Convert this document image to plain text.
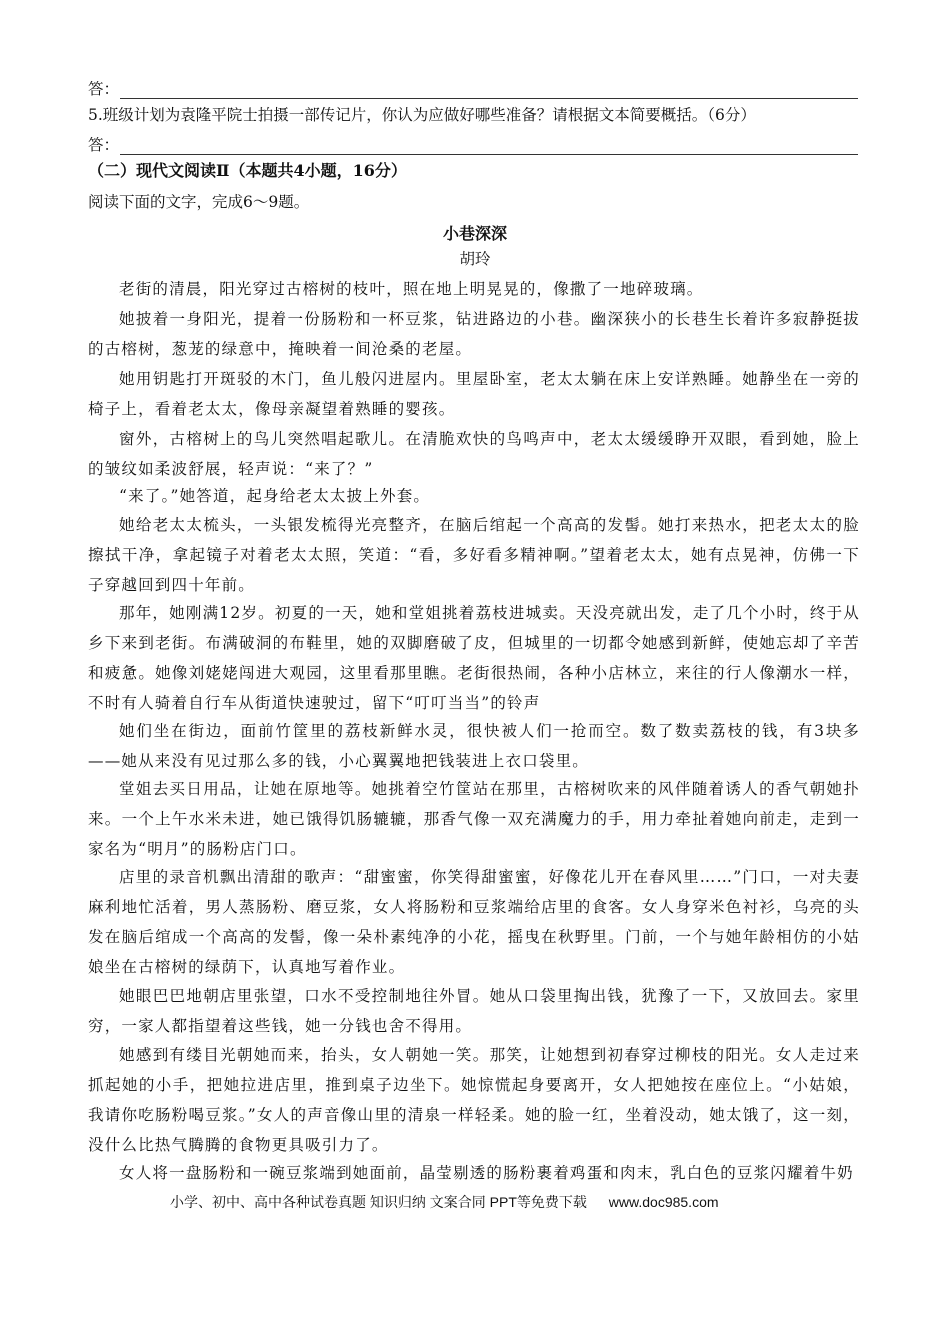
答：
5.班级计划为袁隆平院士拍摄一部传记片，你认为应做好哪些准备？请根据文本简要概括。（6分）
答：
（二）现代文阅读Ⅱ（本题共4小题，16分）
阅读下面的文字，完成6～9题。
小巷深深
胡玲
老街的清晨，阳光穿过古榕树的枝叶，照在地上明晃晃的，像撒了一地碎玻璃。
她披着一身阳光，提着一份肠粉和一杯豆浆，钻进路边的小巷。幽深狭小的长巷生长着许多寂静挺拔的古榕树，葱茏的绿意中，掩映着一间沧桑的老屋。
她用钥匙打开斑驳的木门，鱼儿般闪进屋内。里屋卧室，老太太躺在床上安详熟睡。她静坐在一旁的椅子上，看着老太太，像母亲凝望着熟睡的婴孩。
窗外，古榕树上的鸟儿突然唱起歌儿。在清脆欢快的鸟鸣声中，老太太缓缓睁开双眼，看到她，脸上的皱纹如柔波舒展，轻声说：“来了？”
“来了。”她答道，起身给老太太披上外套。
她给老太太梳头，一头银发梳得光亮整齐，在脑后绾起一个高高的发髻。她打来热水，把老太太的脸擦拭干净，拿起镜子对着老太太照，笑道：“看，多好看多精神啊。”望着老太太，她有点晃神，仿佛一下子穿越回到四十年前。
那年，她刚满12岁。初夏的一天，她和堂姐挑着荔枝进城卖。天没亮就出发，走了几个小时，终于从乡下来到老街。布满破洞的布鞋里，她的双脚磨破了皮，但城里的一切都令她感到新鲜，使她忘却了辛苦和疲惫。她像刘姥姥闯进大观园，这里看那里瞧。老街很热闹，各种小店林立，来往的行人像潮水一样，不时有人骑着自行车从街道快速驶过，留下“叮叮当当”的铃声
她们坐在街边，面前竹筐里的荔枝新鲜水灵，很快被人们一抢而空。数了数卖荔枝的钱，有3块多——她从来没有见过那么多的钱，小心翼翼地把钱装进上衣口袋里。
堂姐去买日用品，让她在原地等。她挑着空竹筐站在那里，古榕树吹来的风伴随着诱人的香气朝她扑来。一个上午水米未进，她已饿得饥肠辘辘，那香气像一双充满魔力的手，用力牵扯着她向前走，走到一家名为“明月”的肠粉店门口。
店里的录音机飘出清甜的歌声：“甜蜜蜜，你笑得甜蜜蜜，好像花儿开在春风里……”门口，一对夫妻麻利地忙活着，男人蒸肠粉、磨豆浆，女人将肠粉和豆浆端给店里的食客。女人身穿米色衬衫，乌亮的头发在脑后绾成一个高高的发髻，像一朵朴素纯净的小花，摇曳在秋野里。门前，一个与她年龄相仿的小姑娘坐在古榕树的绿荫下，认真地写着作业。
她眼巴巴地朝店里张望，口水不受控制地往外冒。她从口袋里掏出钱，犹豫了一下，又放回去。家里穷，一家人都指望着这些钱，她一分钱也舍不得用。
她感到有缕目光朝她而来，抬头，女人朝她一笑。那笑，让她想到初春穿过柳枝的阳光。女人走过来抓起她的小手，把她拉进店里，推到桌子边坐下。她惊慌起身要离开，女人把她按在座位上。“小姑娘，我请你吃肠粉喝豆浆。”女人的声音像山里的清泉一样轻柔。她的脸一红，坐着没动，她太饿了，这一刻，没什么比热气腾腾的食物更具吸引力了。
女人将一盘肠粉和一碗豆浆端到她面前，晶莹剔透的肠粉裹着鸡蛋和肉末，乳白色的豆浆闪耀着牛奶
小学、初中、高中各种试卷真题 知识归纳 文案合同 PPT等免费下载 www.doc985.com
